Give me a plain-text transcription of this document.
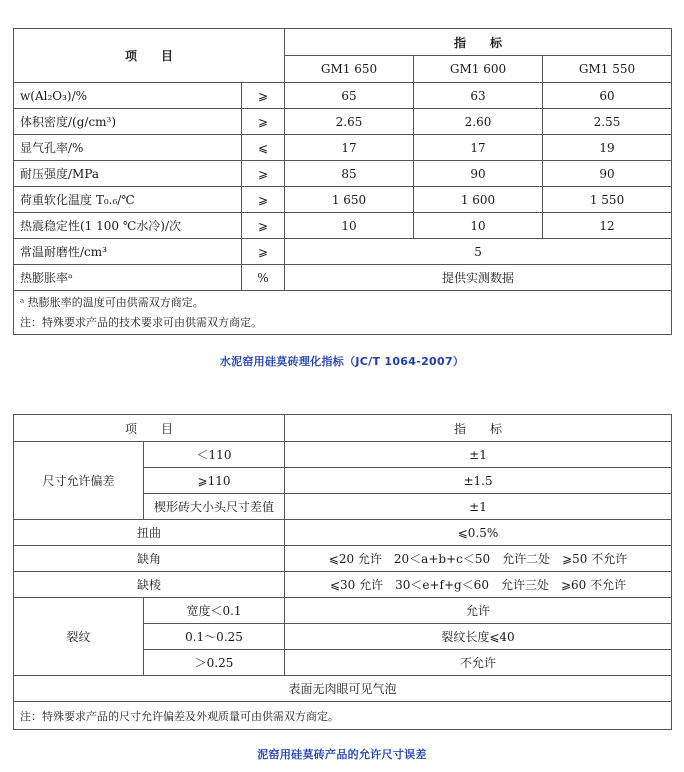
项　　目		指　　标		
		GM1 650	GM1 600	GM1 550
w(Al₂O₃)/%	⩾	65	63	60
体积密度/(g/cm³)	⩾	2.65	2.60	2.55
显气孔率/%	⩽	17	17	19
耐压强度/MPa	⩾	85	90	90
荷重软化温度 T₀.₆/℃	⩾	1 650	1 600	1 550
热震稳定性(1 100 ℃水冷)/次	⩾	10	10	12
常温耐磨性/cm³	⩾	5		
热膨胀率ᵃ	%	提供实测数据		

ᵃ 热膨胀率的温度可由供需双方商定。
注：特殊要求产品的技术要求可由供需双方商定。				
水泥窑用硅莫砖理化指标（JC/T 1064-2007）
项　　目		指　　标
尺寸允许偏差	＜110	±1
	⩾110	±1.5
	楔形砖大小头尺寸差值	±1
扭曲		⩽0.5%
缺角		⩽20 允许　20＜a+b+c＜50　允许二处　⩾50 不允许
缺棱		⩽30 允许　30＜e+f+g＜60　允许三处　⩾60 不允许
裂纹	宽度＜0.1	允许
	0.1～0.25	裂纹长度⩽40
	＞0.25	不允许
表面无肉眼可见气泡		
注：特殊要求产品的尺寸允许偏差及外观质量可由供需双方商定。		
泥窑用硅莫砖产品的允许尺寸误差
